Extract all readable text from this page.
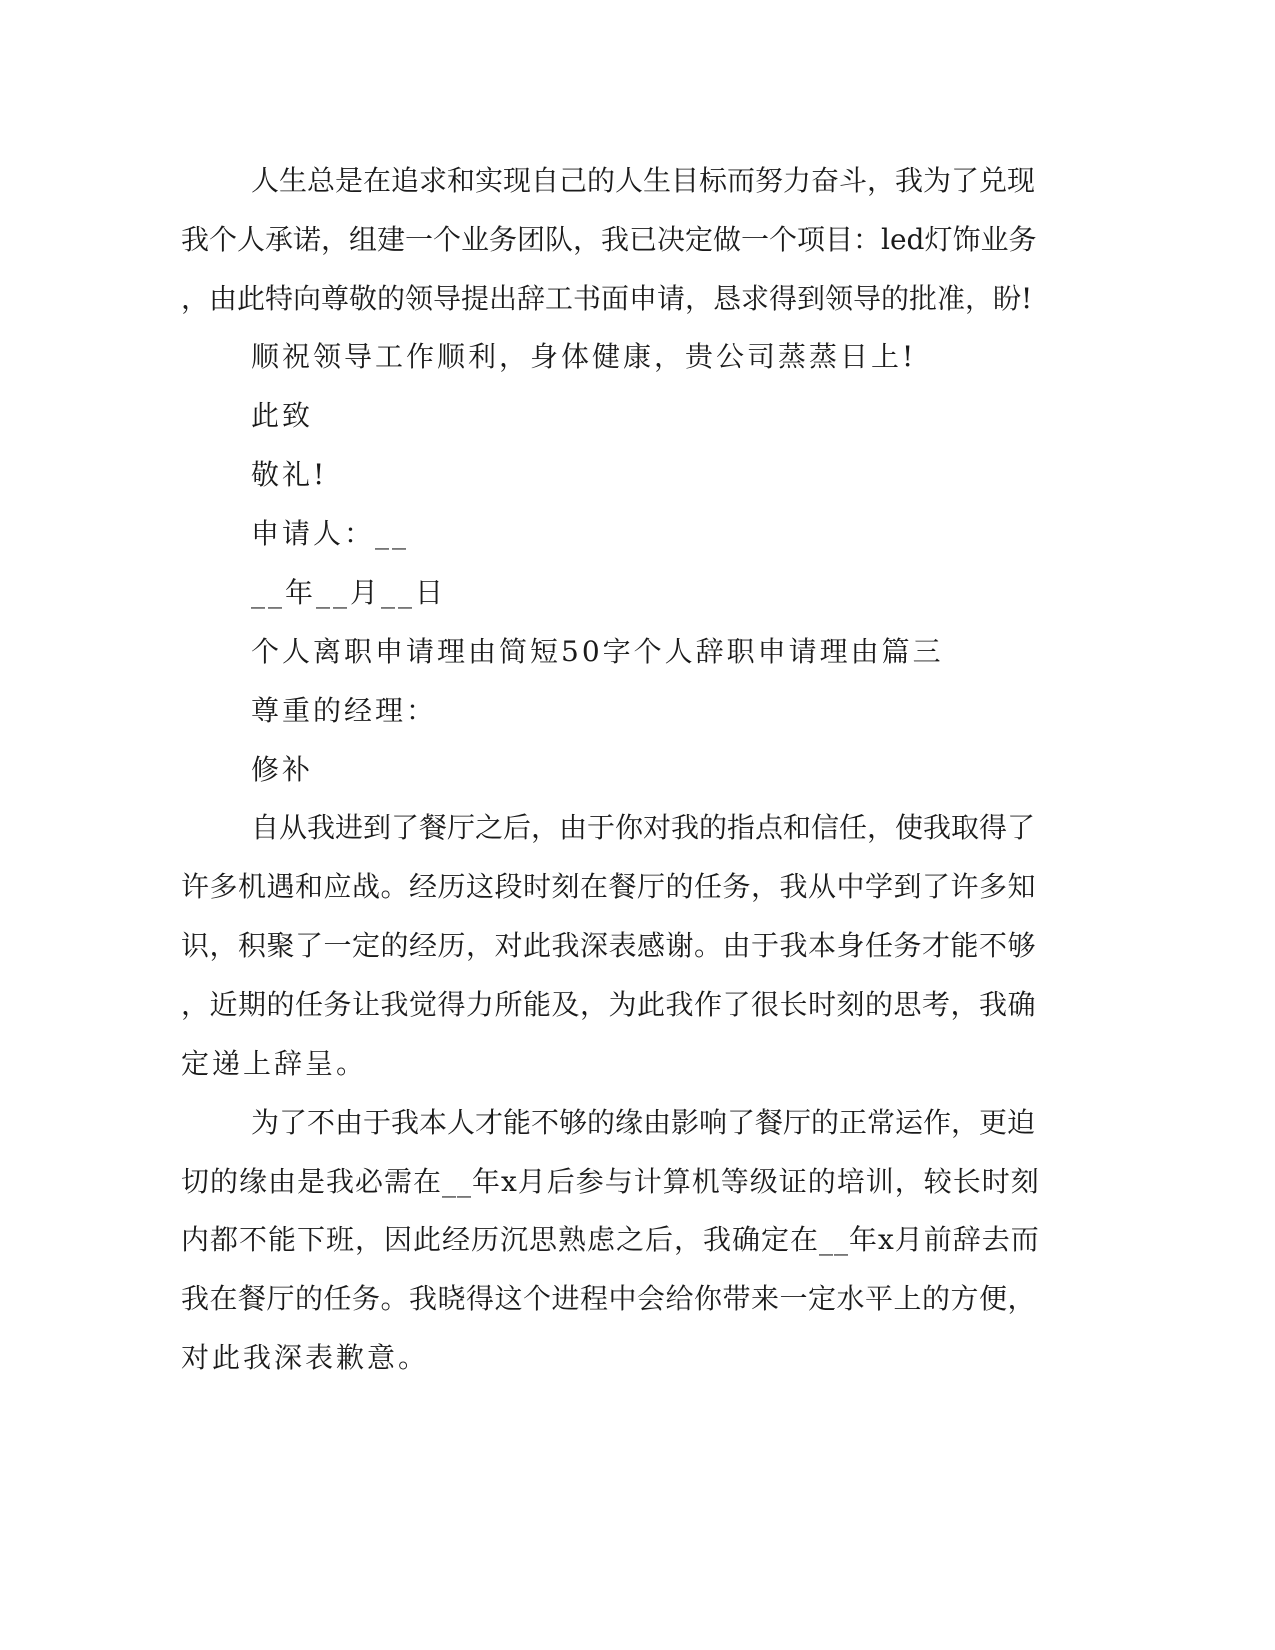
人生总是在追求和实现自己的人生目标而努力奋斗，我为了兑现

我个人承诺，组建一个业务团队，我已决定做一个项目：led灯饰业务

，由此特向尊敬的领导提出辞工书面申请，恳求得到领导的批准，盼!

顺祝领导工作顺利，身体健康，贵公司蒸蒸日上!

此致

敬礼!

申请人：__

__年__月__日

个人离职申请理由简短50字个人辞职申请理由篇三

尊重的经理：

修补

自从我进到了餐厅之后，由于你对我的指点和信任，使我取得了

许多机遇和应战。经历这段时刻在餐厅的任务，我从中学到了许多知

识，积聚了一定的经历，对此我深表感谢。由于我本身任务才能不够

，近期的任务让我觉得力所能及，为此我作了很长时刻的思考，我确

定递上辞呈。

为了不由于我本人才能不够的缘由影响了餐厅的正常运作，更迫

切的缘由是我必需在__年x月后参与计算机等级证的培训，较长时刻

内都不能下班，因此经历沉思熟虑之后，我确定在__年x月前辞去而

我在餐厅的任务。我晓得这个进程中会给你带来一定水平上的方便，

对此我深表歉意。
